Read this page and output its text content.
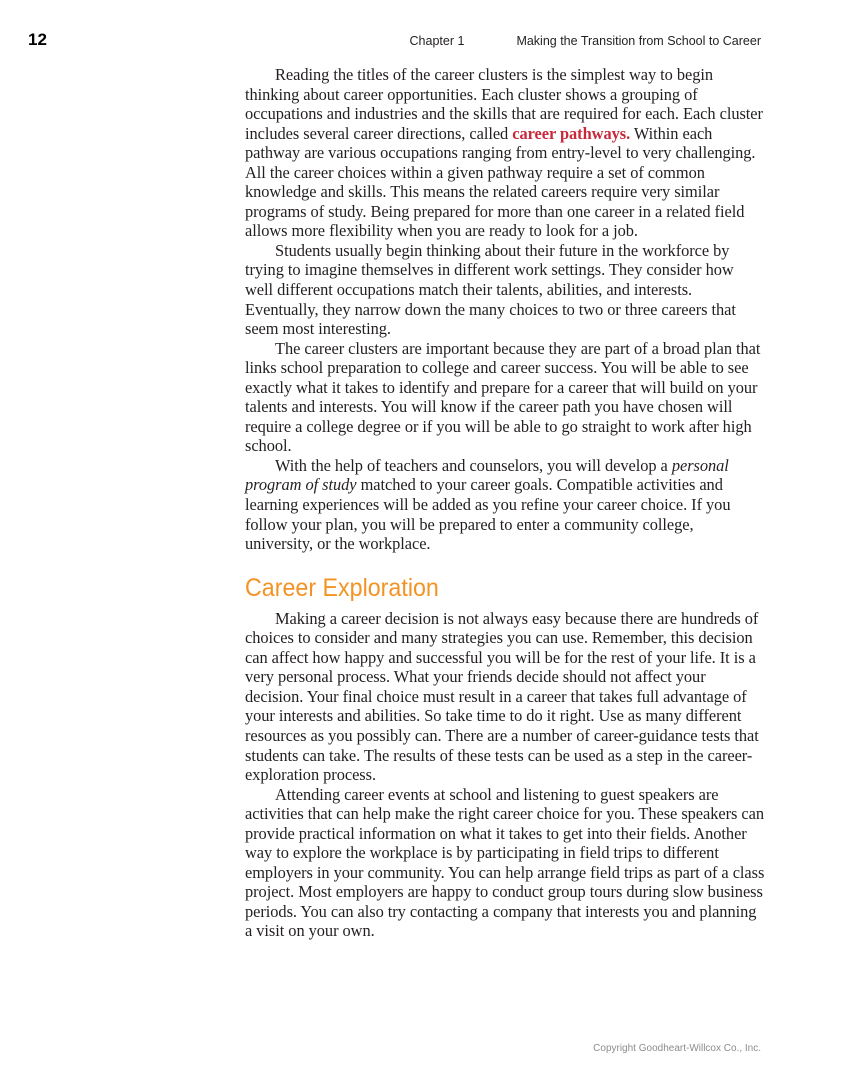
12	Chapter 1	Making the Transition from School to Career

Reading the titles of the career clusters is the simplest way to begin thinking about career opportunities. Each cluster shows a grouping of occupations and industries and the skills that are required for each. Each cluster includes several career directions, called career pathways. Within each pathway are various occupations ranging from entry-level to very challenging. All the career choices within a given pathway require a set of common knowledge and skills. This means the related careers require very similar programs of study. Being prepared for more than one career in a related field allows more flexibility when you are ready to look for a job.

Students usually begin thinking about their future in the workforce by trying to imagine themselves in different work settings. They consider how well different occupations match their talents, abilities, and interests. Eventually, they narrow down the many choices to two or three careers that seem most interesting.

The career clusters are important because they are part of a broad plan that links school preparation to college and career success. You will be able to see exactly what it takes to identify and prepare for a career that will build on your talents and interests. You will know if the career path you have chosen will require a college degree or if you will be able to go straight to work after high school.

With the help of teachers and counselors, you will develop a personal program of study matched to your career goals. Compatible activities and learning experiences will be added as you refine your career choice. If you follow your plan, you will be prepared to enter a community college, university, or the workplace.

Career Exploration

Making a career decision is not always easy because there are hundreds of choices to consider and many strategies you can use. Remember, this decision can affect how happy and successful you will be for the rest of your life. It is a very personal process. What your friends decide should not affect your decision. Your final choice must result in a career that takes full advantage of your interests and abilities. So take time to do it right. Use as many different resources as you possibly can. There are a number of career-guidance tests that students can take. The results of these tests can be used as a step in the career-exploration process.

Attending career events at school and listening to guest speakers are activities that can help make the right career choice for you. These speakers can provide practical information on what it takes to get into their fields. Another way to explore the workplace is by participating in field trips to different employers in your community. You can help arrange field trips as part of a class project. Most employers are happy to conduct group tours during slow business periods. You can also try contacting a company that interests you and planning a visit on your own.

Copyright Goodheart-Willcox Co., Inc.
